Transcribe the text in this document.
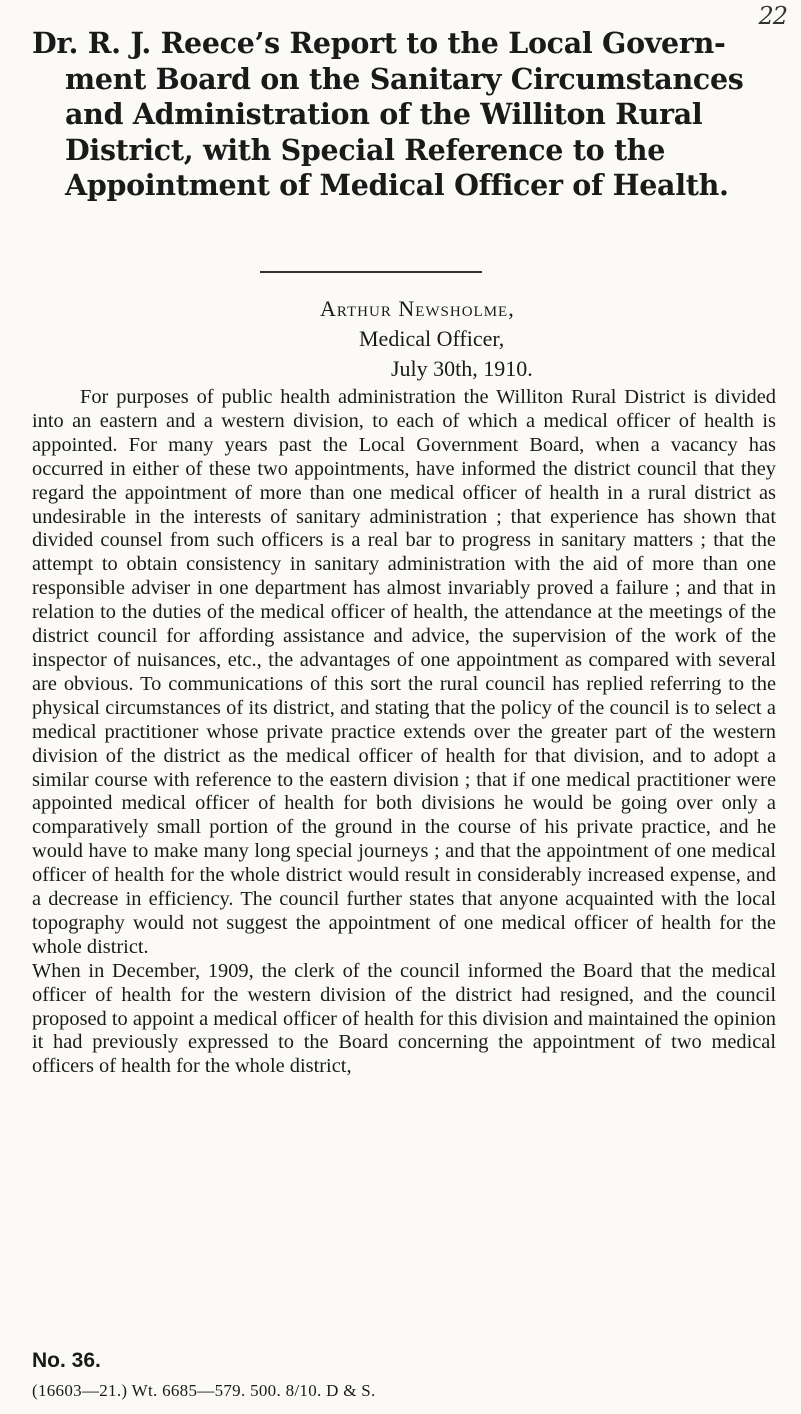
22
Dr. R. J. Reece’s Report to the Local Govern-
ment Board on the Sanitary Circumstances
and Administration of the Williton Rural
District, with Special Reference to the
Appointment of Medical Officer of Health.
Arthur Newsholme,
Medical Officer,
July 30th, 1910.

For purposes of public health administration the Williton Rural District is divided into an eastern and a western division, to each of which a medical officer of health is appointed. For many years past the Local Government Board, when a vacancy has occurred in either of these two appointments, have informed the district council that they regard the appointment of more than one medical officer of health in a rural district as undesirable in the interests of sanitary administration ; that experience has shown that divided counsel from such officers is a real bar to progress in sanitary matters ; that the attempt to obtain consistency in sanitary administration with the aid of more than one responsible adviser in one department has almost invariably proved a failure ; and that in relation to the duties of the medical officer of health, the attendance at the meetings of the district council for affording assistance and advice, the supervision of the work of the inspector of nuisances, etc., the advantages of one appointment as compared with several are obvious. To communications of this sort the rural council has replied referring to the physical circumstances of its district, and stating that the policy of the council is to select a medical practitioner whose private practice extends over the greater part of the western division of the district as the medical officer of health for that division, and to adopt a similar course with reference to the eastern division ; that if one medical practitioner were appointed medical officer of health for both divisions he would be going over only a comparatively small portion of the ground in the course of his private practice, and he would have to make many long special journeys ; and that the appointment of one medical officer of health for the whole district would result in considerably increased expense, and a decrease in efficiency. The council further states that anyone acquainted with the local topography would not suggest the appointment of one medical officer of health for the whole district.

When in December, 1909, the clerk of the council informed the Board that the medical officer of health for the western division of the district had resigned, and the council proposed to appoint a medical officer of health for this division and maintained the opinion it had previously expressed to the Board concerning the appointment of two medical officers of health for the whole district,

No. 36.
(16603—21.) Wt. 6685—579. 500. 8/10. D & S.
